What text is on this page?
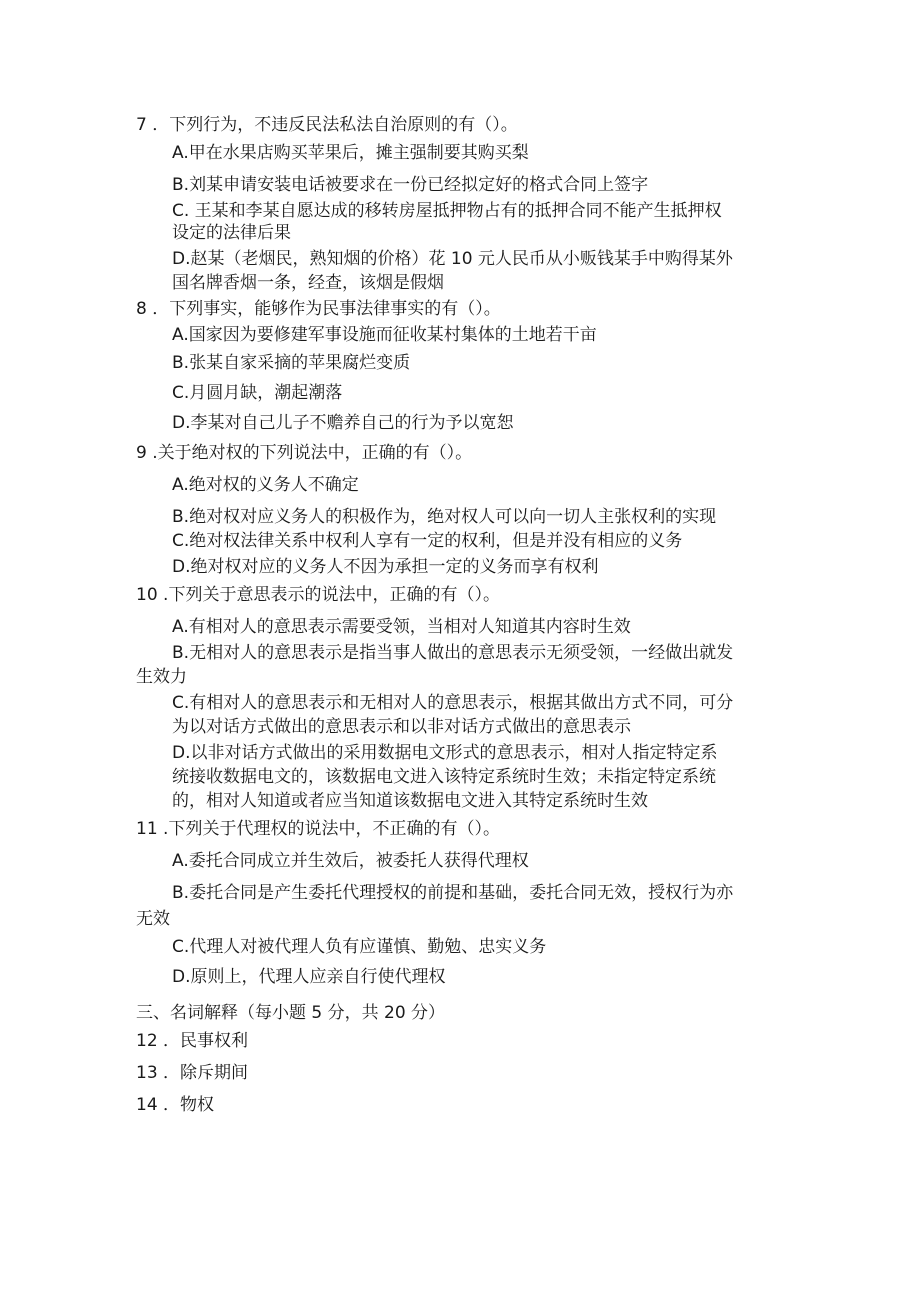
7 ．下列行为，不违反民法私法自治原则的有（）。
A.甲在水果店购买苹果后，摊主强制要其购买梨
B.刘某申请安装电话被要求在一份已经拟定好的格式合同上签字
C. 王某和李某自愿达成的移转房屋抵押物占有的抵押合同不能产生抵押权
设定的法律后果
D.赵某（老烟民，熟知烟的价格）花 10 元人民币从小贩钱某手中购得某外
国名牌香烟一条，经查，该烟是假烟
8 ．下列事实，能够作为民事法律事实的有（）。
A.国家因为要修建军事设施而征收某村集体的土地若干亩
B.张某自家采摘的苹果腐烂变质
C.月圆月缺，潮起潮落
D.李某对自己儿子不赡养自己的行为予以宽恕
9 .关于绝对权的下列说法中，正确的有（）。
A.绝对权的义务人不确定
B.绝对权对应义务人的积极作为，绝对权人可以向一切人主张权利的实现
C.绝对权法律关系中权利人享有一定的权利，但是并没有相应的义务
D.绝对权对应的义务人不因为承担一定的义务而享有权利
10 .下列关于意思表示的说法中，正确的有（）。
A.有相对人的意思表示需要受领，当相对人知道其内容时生效
B.无相对人的意思表示是指当事人做出的意思表示无须受领，一经做出就发
生效力
C.有相对人的意思表示和无相对人的意思表示，根据其做出方式不同，可分
为以对话方式做出的意思表示和以非对话方式做出的意思表示
D.以非对话方式做出的采用数据电文形式的意思表示，相对人指定特定系
统接收数据电文的，该数据电文进入该特定系统时生效；未指定特定系统
的，相对人知道或者应当知道该数据电文进入其特定系统时生效
11 .下列关于代理权的说法中，不正确的有（）。
A.委托合同成立并生效后，被委托人获得代理权
B.委托合同是产生委托代理授权的前提和基础，委托合同无效，授权行为亦
无效
C.代理人对被代理人负有应谨慎、勤勉、忠实义务
D.原则上，代理人应亲自行使代理权
三、名词解释（每小题 5 分，共 20 分）
12 ．民事权利
13 ．除斥期间
14 ．物权
